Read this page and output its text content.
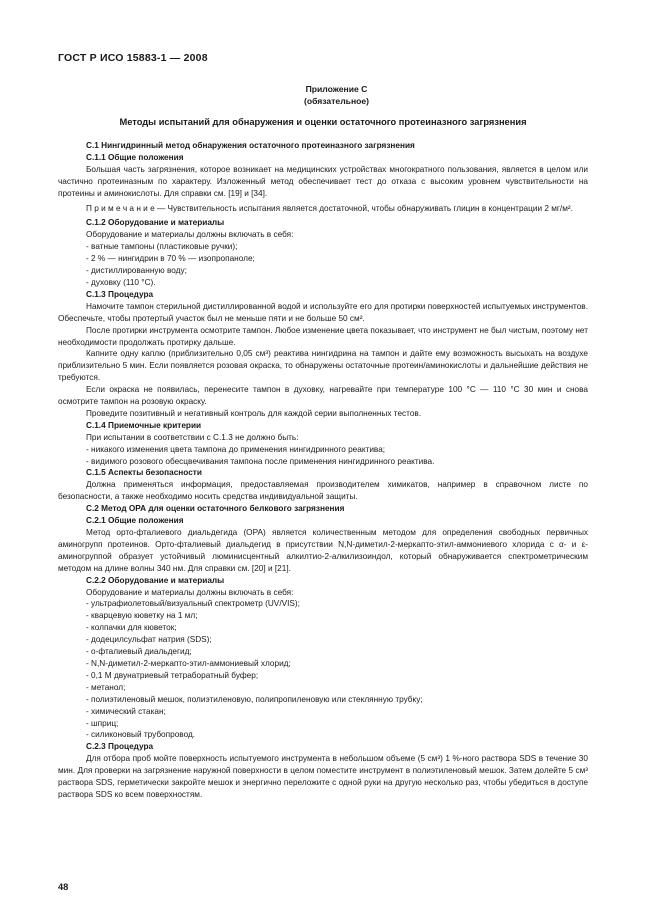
ГОСТ Р ИСО 15883-1 — 2008
Приложение С
(обязательное)
Методы испытаний для обнаружения и оценки остаточного протеиназного загрязнения

С.1 Нингидринный метод обнаружения остаточного протеиназного загрязнения

С.1.1 Общие положения

Большая часть загрязнения, которое возникает на медицинских устройствах многократного пользования, является в целом или частично протеиназным по характеру. Изложенный метод обеспечивает тест до отказа с высоким уровнем чувствительности на протеины и аминокислоты. Для справки см. [19] и [34].

П р и м е ч а н и е — Чувствительность испытания является достаточной, чтобы обнаруживать глицин в концентрации 2 мг/м².

С.1.2 Оборудование и материалы

Оборудование и материалы должны включать в себя:

- ватные тампоны (пластиковые ручки);

- 2 % — нингидрин в 70 % — изопропаноле;

- дистиллированную воду;

- духовку (110 °С).

С.1.3 Процедура

Намочите тампон стерильной дистиллированной водой и используйте его для протирки поверхностей испытуемых инструментов. Обеспечьте, чтобы протертый участок был не меньше пяти и не больше 50 см².

После протирки инструмента осмотрите тампон. Любое изменение цвета показывает, что инструмент не был чистым, поэтому нет необходимости продолжать протирку дальше.

Капните одну каплю (приблизительно 0,05 см³) реактива нингидрина на тампон и дайте ему возможность высыхать на воздухе приблизительно 5 мин. Если появляется розовая окраска, то обнаружены остаточные протеин/аминокислоты и дальнейшие действия не требуются.

Если окраска не появилась, перенесите тампон в духовку, нагревайте при температуре 100 °С — 110 °С 30 мин и снова осмотрите тампон на розовую окраску.

Проведите позитивный и негативный контроль для каждой серии выполненных тестов.

С.1.4 Приемочные критерии

При испытании в соответствии с С.1.3 не должно быть:

- никакого изменения цвета тампона до применения нингидринного реактива;

- видимого розового обесцвечивания тампона после применения нингидринного реактива.

С.1.5 Аспекты безопасности

Должна применяться информация, предоставляемая производителем химикатов, например в справочном листе по безопасности, а также необходимо носить средства индивидуальной защиты.

С.2 Метод ОРА для оценки остаточного белкового загрязнения

С.2.1 Общие положения

Метод орто-фталиевого диальдегида (ОРА) является количественным методом для определения свободных первичных аминогрупп протеинов. Орто-фталиевый диальдегид в присутствии N,N-диметил-2-меркапто-этил-аммониевого хлорида с α- и ε- аминогруппой образует устойчивый люминисцентный алкилтио-2-алкилизоиндол, который обнаруживается спектрометрическим методом на длине волны 340 нм. Для справки см. [20] и [21].

С.2.2 Оборудование и материалы

Оборудование и материалы должны включать в себя:

- ультрафиолетовый/визуальный спектрометр (UV/VIS);

- кварцевую кюветку на 1 мл;

- колпачки для кюветок;

- додецилсульфат натрия (SDS);

- о-фталиевый диальдегид;

- N,N-диметил-2-меркапто-этил-аммониевый хлорид;

- 0,1 М двунатриевый тетраборатный буфер;

- метанол;

- полиэтиленовый мешок, полиэтиленовую, полипропиленовую или стеклянную трубку;

- химический стакан;

- шприц;

- силиконовый трубопровод.

С.2.3 Процедура

Для отбора проб мойте поверхность испытуемого инструмента в небольшом объеме (5 см³) 1 %-ного раствора SDS в течение 30 мин. Для проверки на загрязнение наружной поверхности в целом поместите инструмент в полиэтиленовый мешок. Затем долейте 5 см³ раствора SDS, герметически закройте мешок и энергично переложите с одной руки на другую несколько раз, чтобы убедиться в доступе раствора SDS ко всем поверхностям.

48
